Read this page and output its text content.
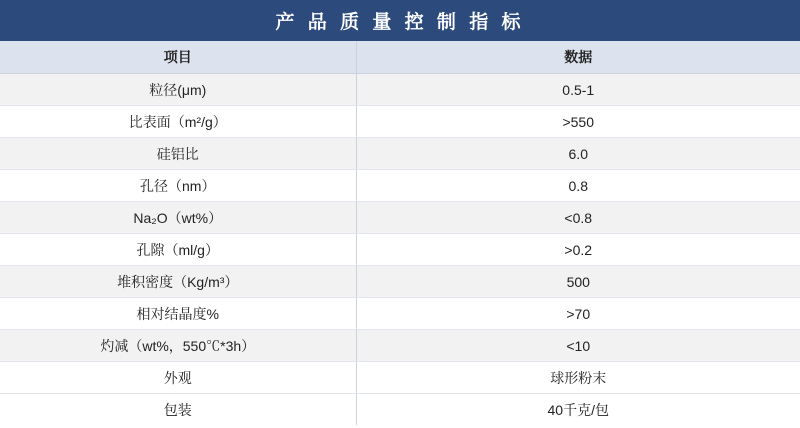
产 品 质 量 控 制 指 标
项目	数据
粒径(μm)	0.5-1
比表面（m²/g）	>550
硅铝比	6.0
孔径（nm）	0.8
Na₂O（wt%）	<0.8
孔隙（ml/g）	>0.2
堆积密度（Kg/m³）	500
相对结晶度%	>70
灼减（wt%，550℃*3h）	<10
外观	球形粉末
包装	40千克/包
